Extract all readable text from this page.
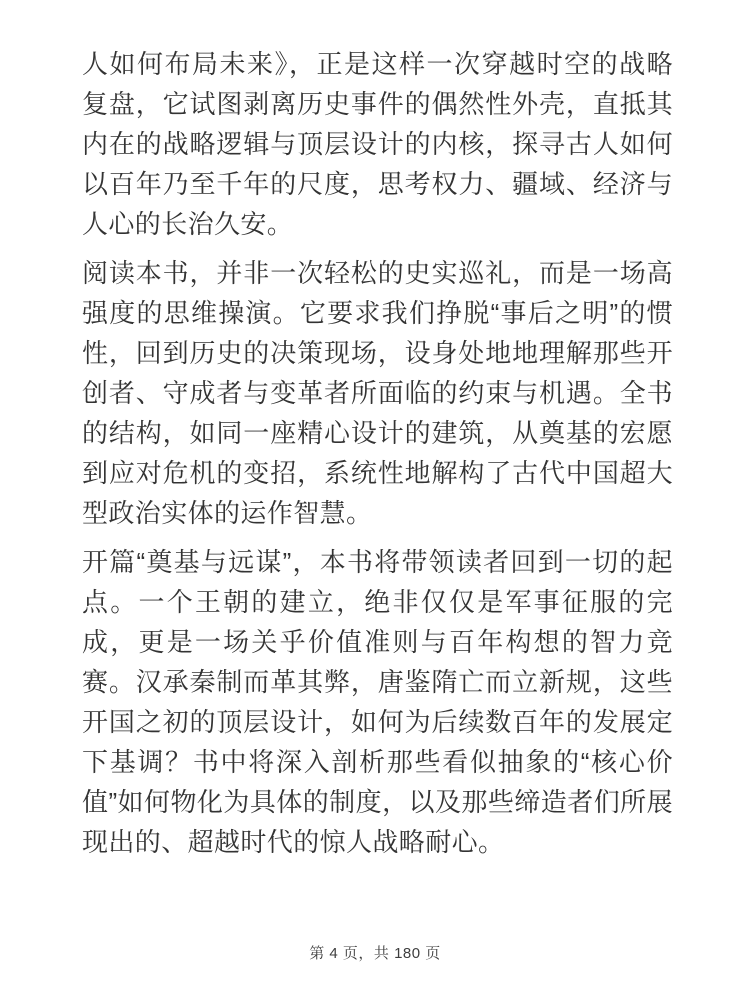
人如何布局未来》，正是这样一次穿越时空的战略复盘，它试图剥离历史事件的偶然性外壳，直抵其内在的战略逻辑与顶层设计的内核，探寻古人如何以百年乃至千年的尺度，思考权力、疆域、经济与人心的长治久安。

阅读本书，并非一次轻松的史实巡礼，而是一场高强度的思维操演。它要求我们挣脱“事后之明”的惯性，回到历史的决策现场，设身处地地理解那些开创者、守成者与变革者所面临的约束与机遇。全书的结构，如同一座精心设计的建筑，从奠基的宏愿到应对危机的变招，系统性地解构了古代中国超大型政治实体的运作智慧。

开篇“奠基与远谋”，本书将带领读者回到一切的起点。一个王朝的建立，绝非仅仅是军事征服的完成，更是一场关乎价值准则与百年构想的智力竞赛。汉承秦制而革其弊，唐鉴隋亡而立新规，这些开国之初的顶层设计，如何为后续数百年的发展定下基调？书中将深入剖析那些看似抽象的“核心价值”如何物化为具体的制度，以及那些缔造者们所展现出的、超越时代的惊人战略耐心。

第 4 页，共 180 页
